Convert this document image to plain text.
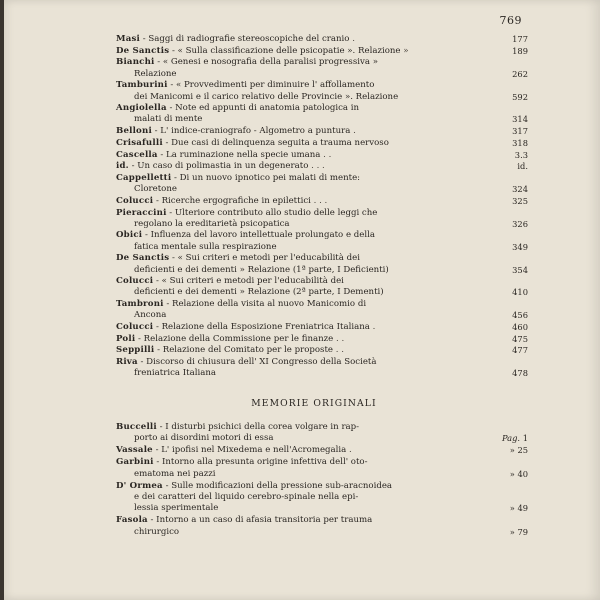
769
Masi - Saggi di radiografie stereoscopiche del cranio .	177
De Sanctis - « Sulla classificazione delle psicopatie ». Relazione »	189
Bianchi - « Genesi e nosografia della paralisi progressiva »
Relazione	262
Tamburini - « Provvedimenti per diminuire l' affollamento
dei Manicomi e il carico relativo delle Provincie ». Relazione	592
Angiolella - Note ed appunti di anatomia patologica in
malati di mente	314
Belloni - L' indice-craniografo - Algometro a puntura .	317
Crisafulli - Due casi di delinquenza seguita a trauma nervoso	318
Cascella - La ruminazione nella specie umana . .	3.3
id. - Un caso di polimastia in un degenerato . . .	id.
Cappelletti - Di un nuovo ipnotico pei malati di mente:
Cloretone	324
Colucci - Ricerche ergografiche in epilettici . . .	325
Pieraccini - Ulteriore contributo allo studio delle leggi che
regolano la ereditarietà psicopatica	326
Obici - Influenza del lavoro intellettuale prolungato e della
fatica mentale sulla respirazione	349
De Sanctis - « Sui criteri e metodi per l'educabilità dei
deficienti e dei dementi » Relazione (1ª parte, I Deficienti)	354
Colucci - « Sui criteri e metodi per l'educabilità dei
deficienti e dei dementi » Relazione (2ª parte, I Dementi)	410
Tambroni - Relazione della visita al nuovo Manicomio di
Ancona	456
Colucci - Relazione della Esposizione Freniatrica Italiana .	460
Poli - Relazione della Commissione per le finanze . .	475
Seppilli - Relazione del Comitato per le proposte . .	477
Riva - Discorso di chiusura dell' XI Congresso della Società
freniatrica Italiana	478
MEMORIE ORIGINALI
Buccelli - I disturbi psichici della corea volgare in rap-
porto ai disordini motori di essa	Pag. 1
Vassale - L' ipofisi nel Mixedema e nell'Acromegalia .	» 25
Garbini - Intorno alla presunta origine infettiva dell' oto-
ematoma nei pazzi	» 40
D' Ormea - Sulle modificazioni della pressione sub-aracnoidea
e dei caratteri del liquido cerebro-spinale nella epi-
lessia sperimentale	» 49
Fasola - Intorno a un caso di afasia transitoria per trauma
chirurgico	» 79
